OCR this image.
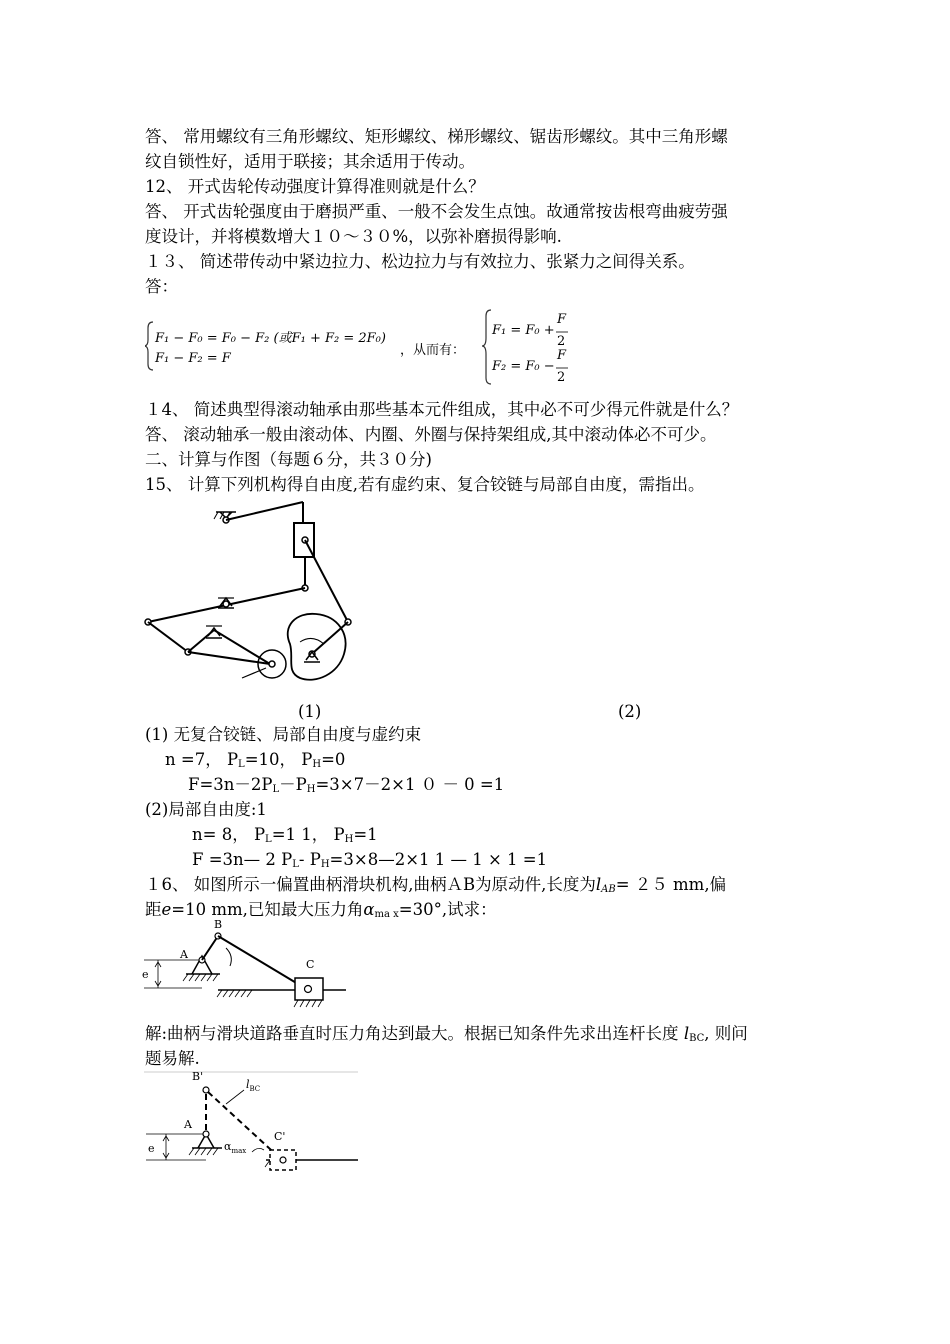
答、 常用螺纹有三角形螺纹、矩形螺纹、梯形螺纹、锯齿形螺纹。其中三角形螺
纹自锁性好，适用于联接；其余适用于传动。
12、 开式齿轮传动强度计算得准则就是什么？
答、 开式齿轮强度由于磨损严重、一般不会发生点蚀。故通常按齿根弯曲疲劳强
度设计，并将模数增大１０～３０%，以弥补磨损得影响.
１３、 简述带传动中紧边拉力、松边拉力与有效拉力、张紧力之间得关系。
答：
F₁ − F₀ = F₀ − F₂ (或F₁ + F₂ = 2F₀)
F₁ − F₂ = F
，从而有：
F₁ = F₀ +
F
2
F₂ = F₀ −
F
2
１4、 简述典型得滚动轴承由那些基本元件组成，其中必不可少得元件就是什么？
答、 滚动轴承一般由滚动体、内圈、外圈与保持架组成,其中滚动体必不可少。
二、计算与作图（每题６分，共３０分)
15、 计算下列机构得自由度,若有虚约束、复合铰链与局部自由度，需指出。
(1)	(2)
(1) 无复合铰链、局部自由度与虚约束
n =7， $P_L=10$， $P_H=0$
$F=3n-2P_L-P_H=3\times 7-2\times 1$ ０ － 0 =1
(2)局部自由度:1
n= 8， $P_L=1$ 1， $P_H=1$
F =3n— 2 $P_L-$ $P_H=3\times 8—2\times 1$ 1 — 1 × 1 =1
１6、 如图所示一偏置曲柄滑块机构,曲柄ＡB为原动件,长度为$l_{AB}= 25$ mm,偏
距e=10 mm,已知最大压力角$\alpha_{ma x}=30^\circ$,试求：
B
A
C
e
解:曲柄与滑块道路垂直时压力角达到最大。根据已知条件先求出连杆长度 $l_{BC}$, 则问
题易解.
B'
A
C'
e
$l_{BC}$
$\alpha_{max}$
